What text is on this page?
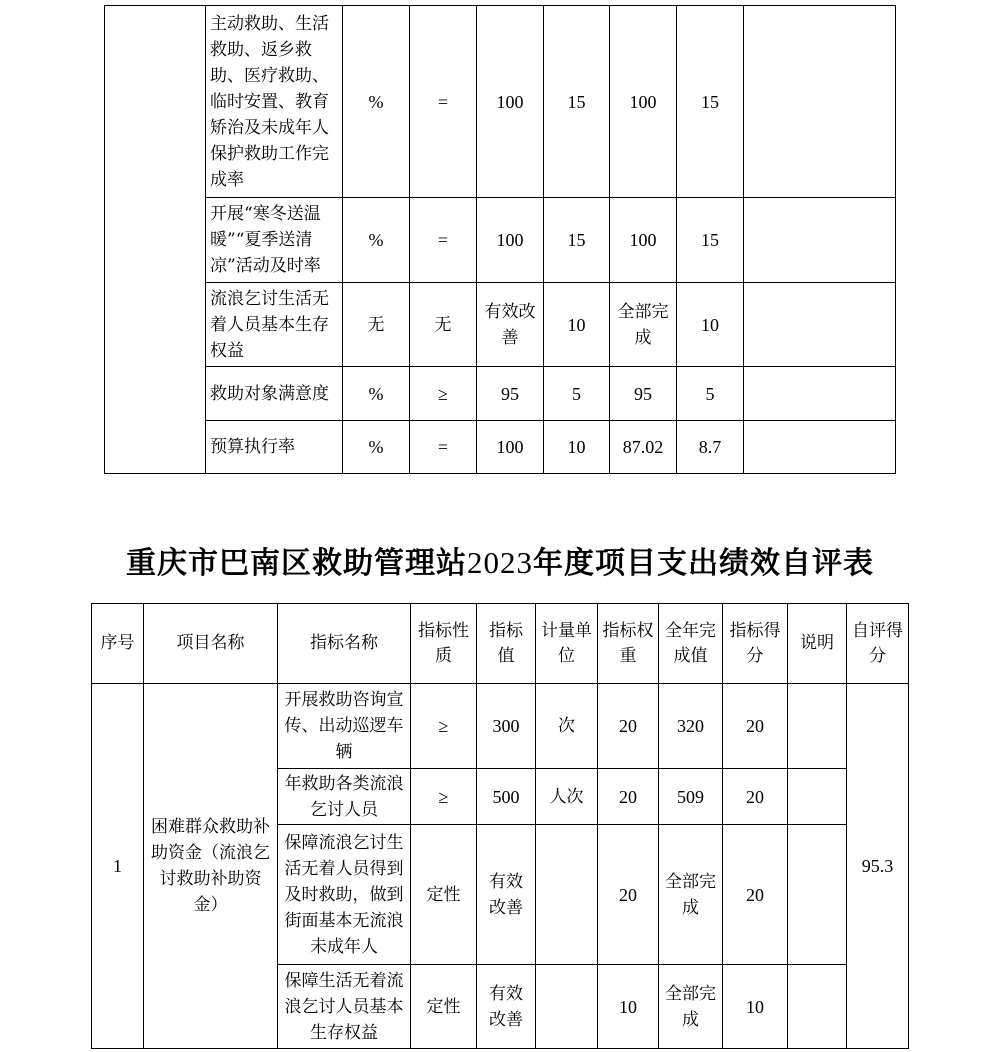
	主动救助、生活救助、返乡救助、医疗救助、临时安置、教育矫治及未成年人保护救助工作完成率	%	=	100	15	100	15	
	开展“寒冬送温暖”“夏季送清凉”活动及时率	%	=	100	15	100	15	
	流浪乞讨生活无着人员基本生存权益	无	无	有效改善	10	全部完成	10	
	救助对象满意度	%	≥	95	5	95	5	
	预算执行率	%	=	100	10	87.02	8.7	
重庆市巴南区救助管理站2023年度项目支出绩效自评表
序号	项目名称	指标名称	指标性质	指标值	计量单位	指标权重	全年完成值	指标得分	说明	自评得分
1	困难群众救助补助资金（流浪乞讨救助补助资金）	开展救助咨询宣传、出动巡逻车辆	≥	300	次	20	320	20		95.3
		年救助各类流浪乞讨人员	≥	500	人次	20	509	20		
		保障流浪乞讨生活无着人员得到及时救助，做到街面基本无流浪未成年人	定性	有效改善		20	全部完成	20		
		保障生活无着流浪乞讨人员基本生存权益	定性	有效改善		10	全部完成	10		
